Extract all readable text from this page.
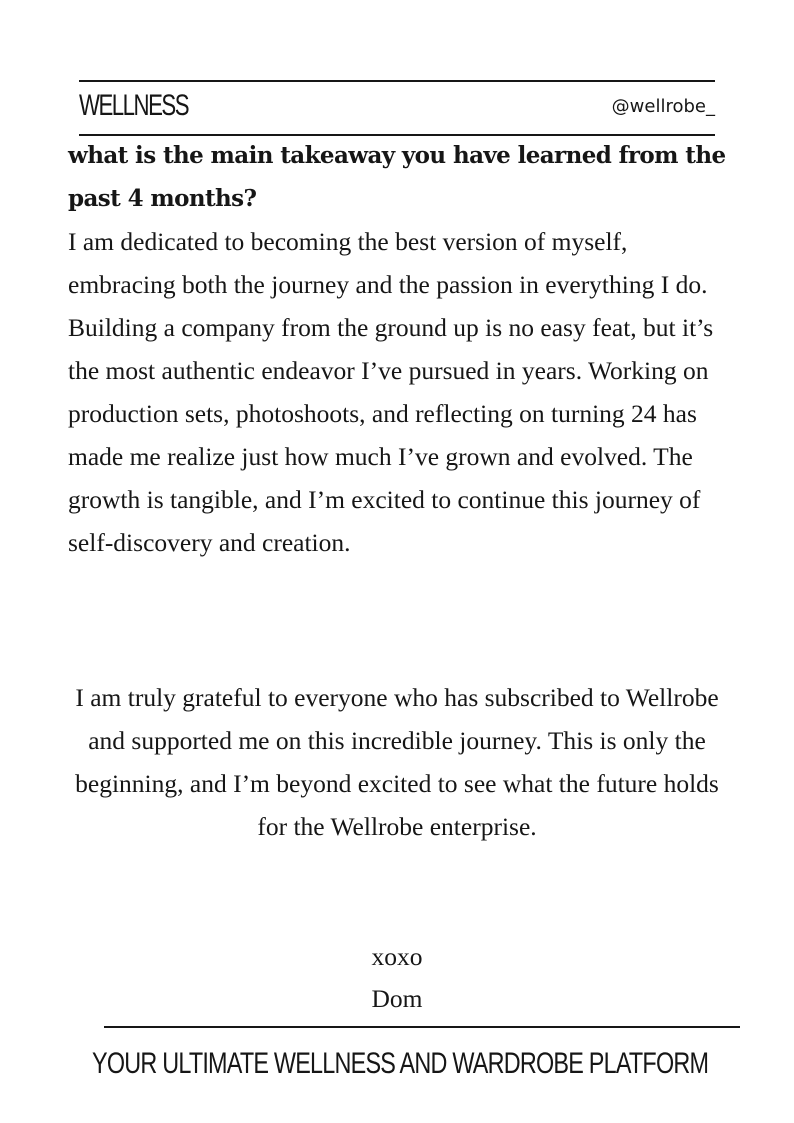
WELLNESS	@wellrobe_
what is the main takeaway you have learned from the past 4 months?
I am dedicated to becoming the best version of myself, embracing both the journey and the passion in everything I do. Building a company from the ground up is no easy feat, but it’s the most authentic endeavor I’ve pursued in years. Working on production sets, photoshoots, and reflecting on turning 24 has made me realize just how much I’ve grown and evolved. The growth is tangible, and I’m excited to continue this journey of self-discovery and creation.
I am truly grateful to everyone who has subscribed to Wellrobe and supported me on this incredible journey. This is only the beginning, and I’m beyond excited to see what the future holds for the Wellrobe enterprise.
xoxo
Dom
YOUR ULTIMATE WELLNESS AND WARDROBE PLATFORM
